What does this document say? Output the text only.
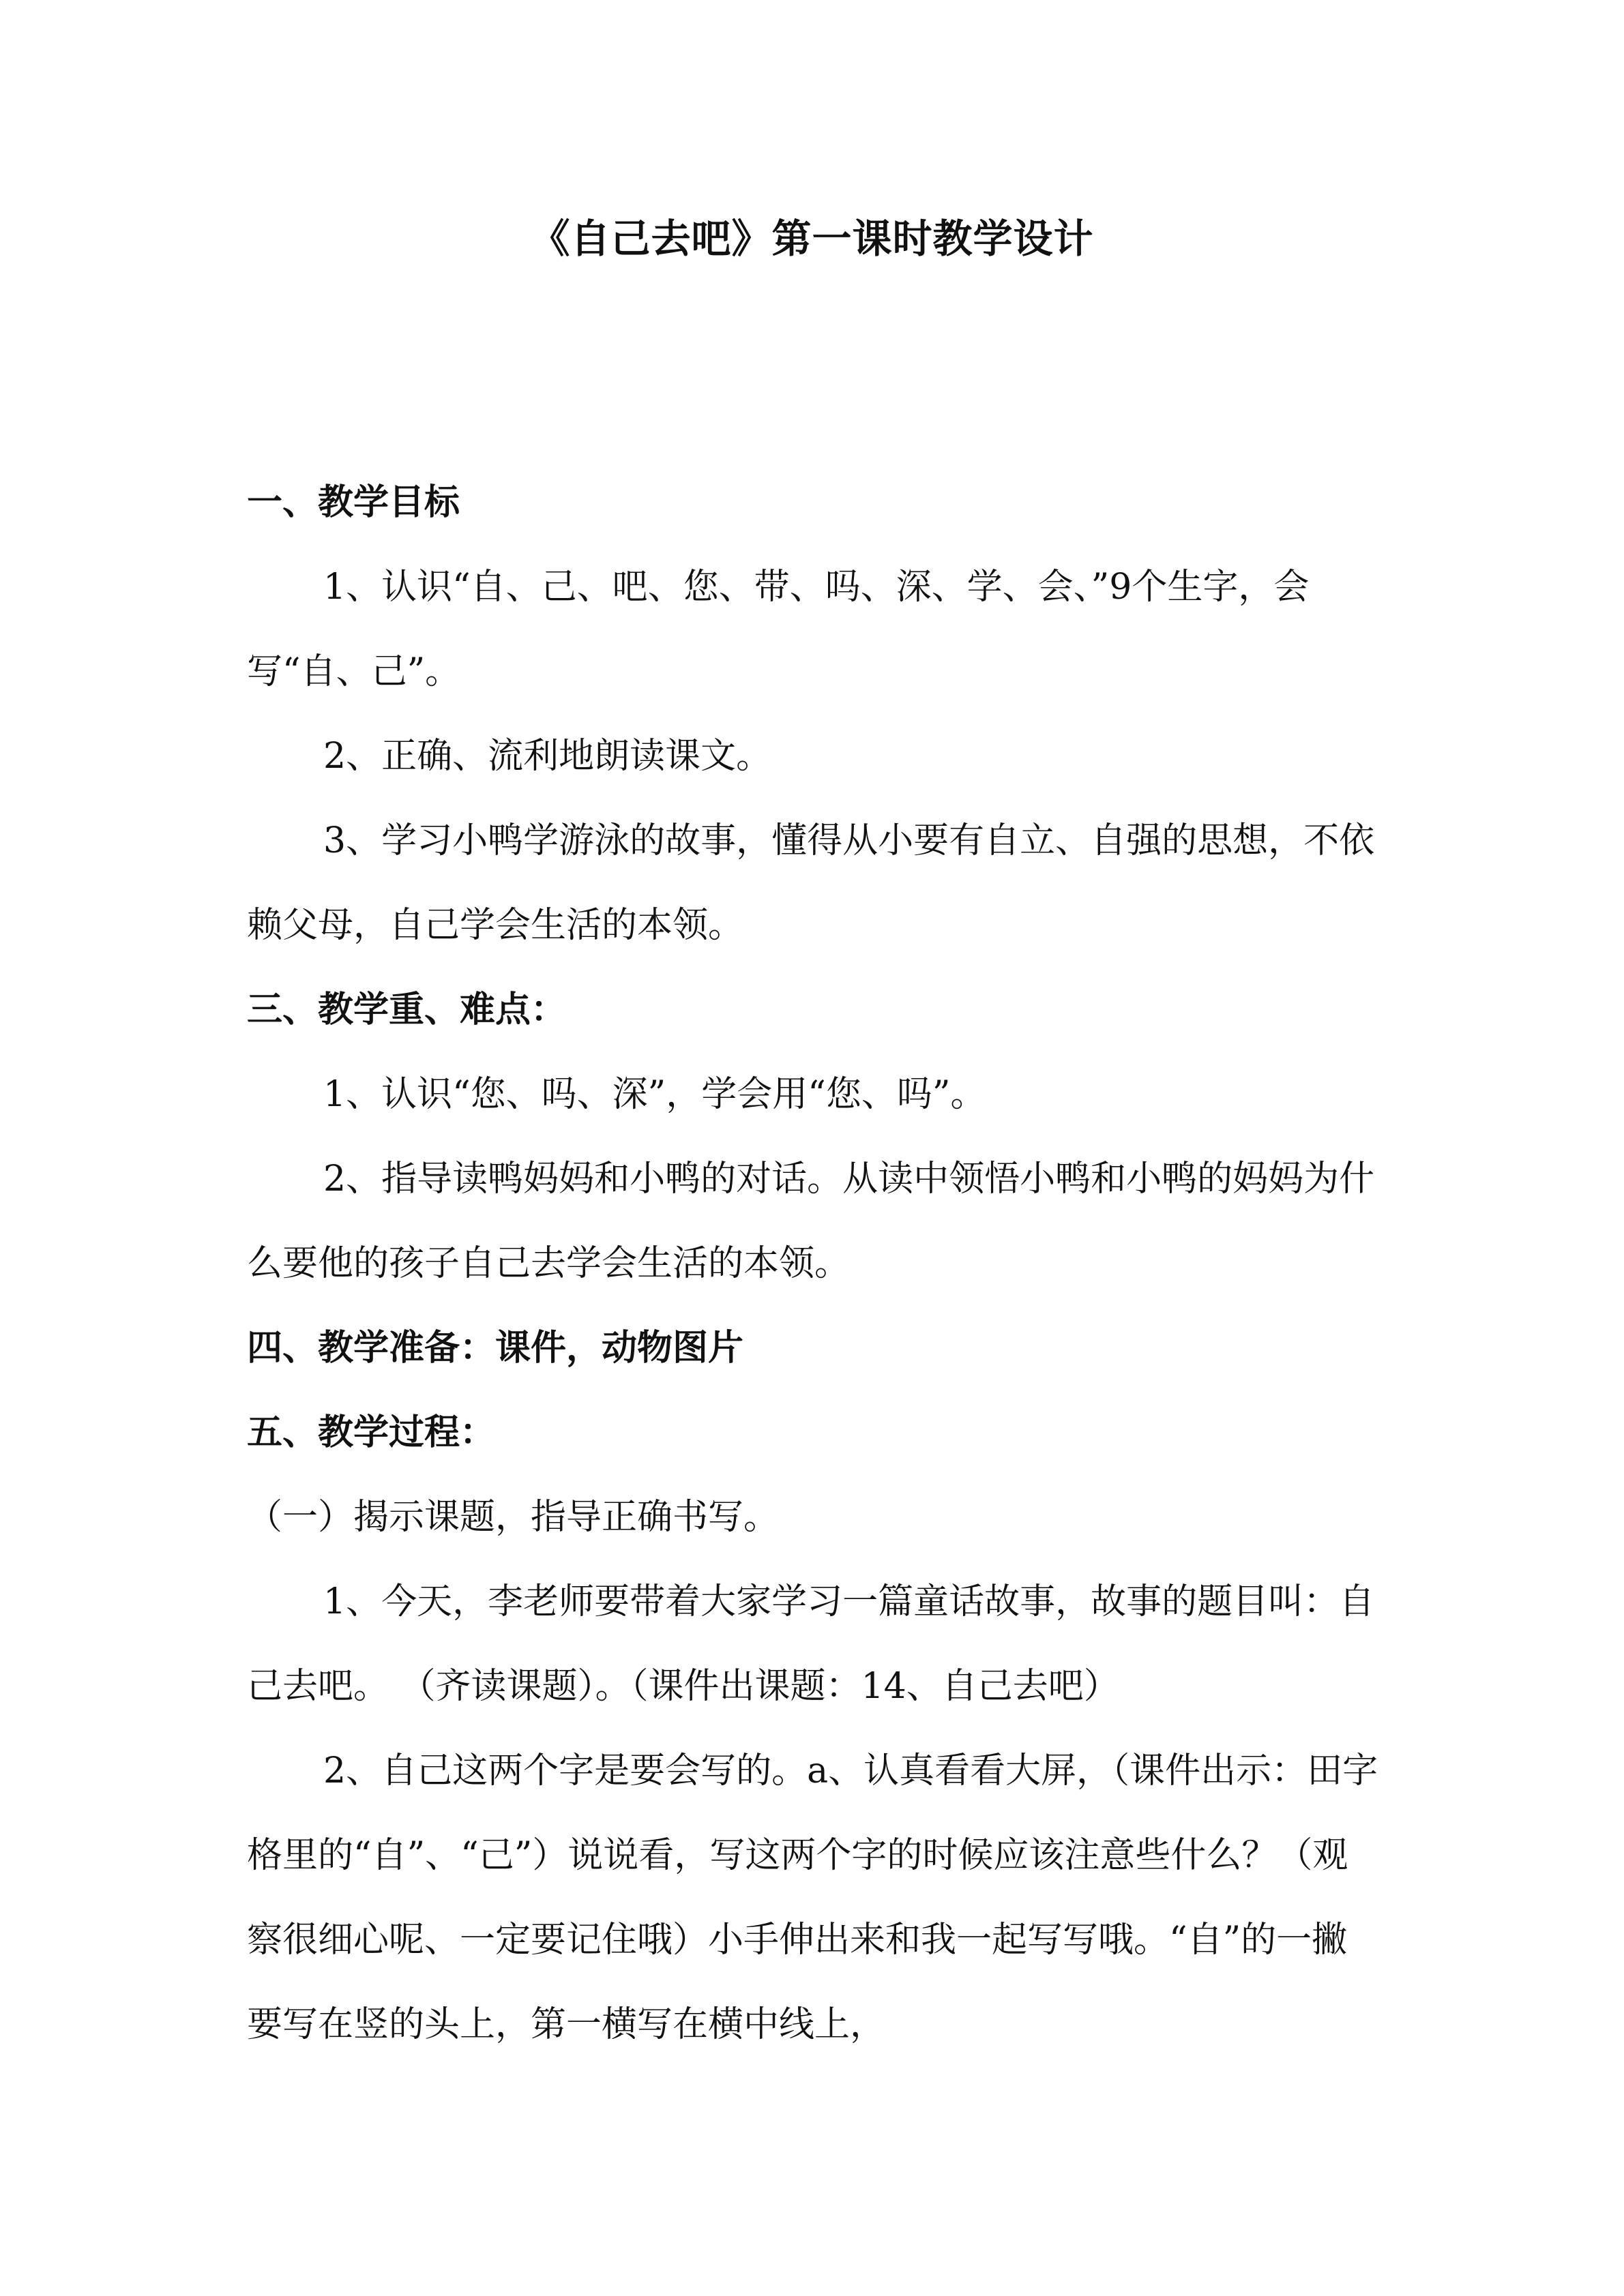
《自己去吧》第一课时教学设计

一、教学目标

1、认识“自、己、吧、您、带、吗、深、学、会、”9个生字，会写“自、己”。

2、正确、流利地朗读课文。

3、学习小鸭学游泳的故事，懂得从小要有自立、自强的思想，不依赖父母，自己学会生活的本领。

三、教学重、难点：

1、认识“您、吗、深”，学会用“您、吗”。

2、指导读鸭妈妈和小鸭的对话。从读中领悟小鸭和小鸭的妈妈为什么要他的孩子自己去学会生活的本领。

四、教学准备：课件，动物图片

五、教学过程：

（一）揭示课题，指导正确书写。

1、今天，李老师要带着大家学习一篇童话故事，故事的题目叫：自己去吧。 （齐读课题）。（课件出课题：14、自己去吧）

2、自己这两个字是要会写的。a、认真看看大屏，（课件出示：田字格里的“自”、“己”）说说看，写这两个字的时候应该注意些什么？（观察很细心呢、一定要记住哦）小手伸出来和我一起写写哦。“自”的一撇要写在竖的头上，第一横写在横中线上，
